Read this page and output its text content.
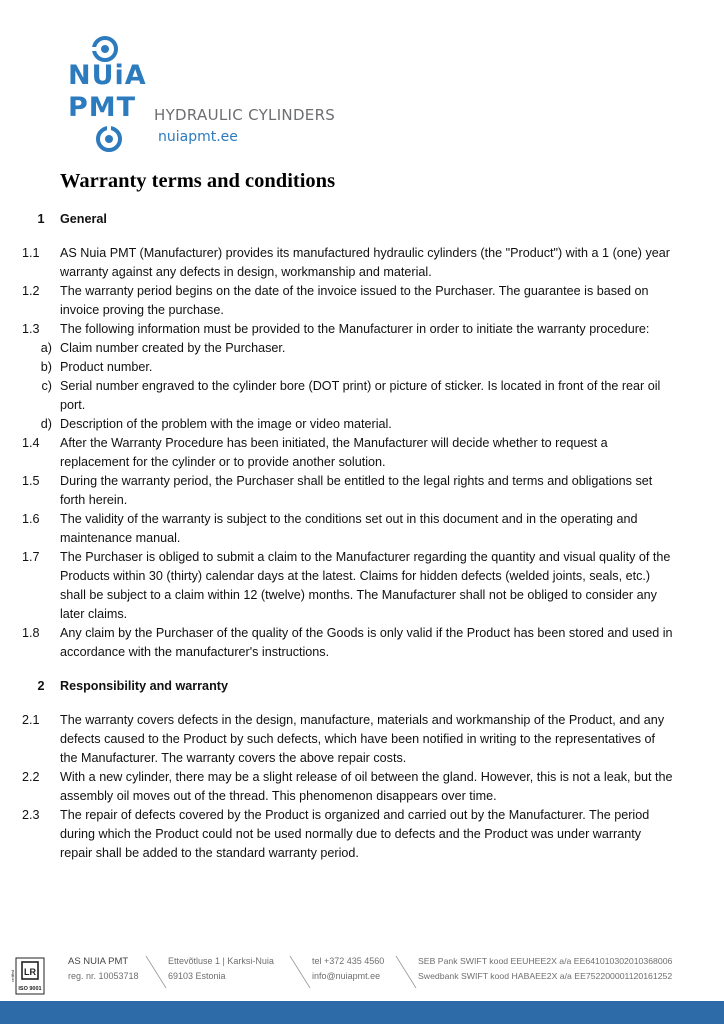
NUiA
PMT HYDRAULIC CYLINDERS
nuiapmt.ee
Warranty terms and conditions
1	General
1.1	AS Nuia PMT (Manufacturer) provides its manufactured hydraulic cylinders (the "Product") with a 1 (one) year warranty against any defects in design, workmanship and material.
1.2	The warranty period begins on the date of the invoice issued to the Purchaser. The guarantee is based on invoice proving the purchase.
1.3	The following information must be provided to the Manufacturer in order to initiate the warranty procedure:
a) Claim number created by the Purchaser.
b) Product number.
c) Serial number engraved to the cylinder bore (DOT print) or picture of sticker. Is located in front of the rear oil port.
d) Description of the problem with the image or video material.
1.4	After the Warranty Procedure has been initiated, the Manufacturer will decide whether to request a replacement for the cylinder or to provide another solution.
1.5	During the warranty period, the Purchaser shall be entitled to the legal rights and terms and obligations set forth herein.
1.6	The validity of the warranty is subject to the conditions set out in this document and in the operating and maintenance manual.
1.7	The Purchaser is obliged to submit a claim to the Manufacturer regarding the quantity and visual quality of the Products within 30 (thirty) calendar days at the latest. Claims for hidden defects (welded joints, seals, etc.) shall be subject to a claim within 12 (twelve) months. The Manufacturer shall not be obliged to consider any later claims.
1.8	Any claim by the Purchaser of the quality of the Goods is only valid if the Product has been stored and used in accordance with the manufacturer's instructions.
2	Responsibility and warranty
2.1	The warranty covers defects in the design, manufacture, materials and workmanship of the Product, and any defects caused to the Product by such defects, which have been notified in writing to the representatives of the Manufacturer. The warranty covers the above repair costs.
2.2	With a new cylinder, there may be a slight release of oil between the gland. However, this is not a leak, but the assembly oil moves out of the thread. This phenomenon disappears over time.
2.3	The repair of defects covered by the Product is organized and carried out by the Manufacturer. The period during which the Product could not be used normally due to defects and the Product was under warranty repair shall be added to the standard warranty period.
LR
ISO 9001
certified
AS NUIA PMT
reg. nr. 10053718
Ettevõtluse 1 | Karksi-Nuia
69103 Estonia
tel +372 435 4560
info@nuiapmt.ee
SEB Pank SWIFT kood EEUHEE2X a/a EE641010302010368006
Swedbank SWIFT kood HABAEE2X a/a EE752200001120161252
